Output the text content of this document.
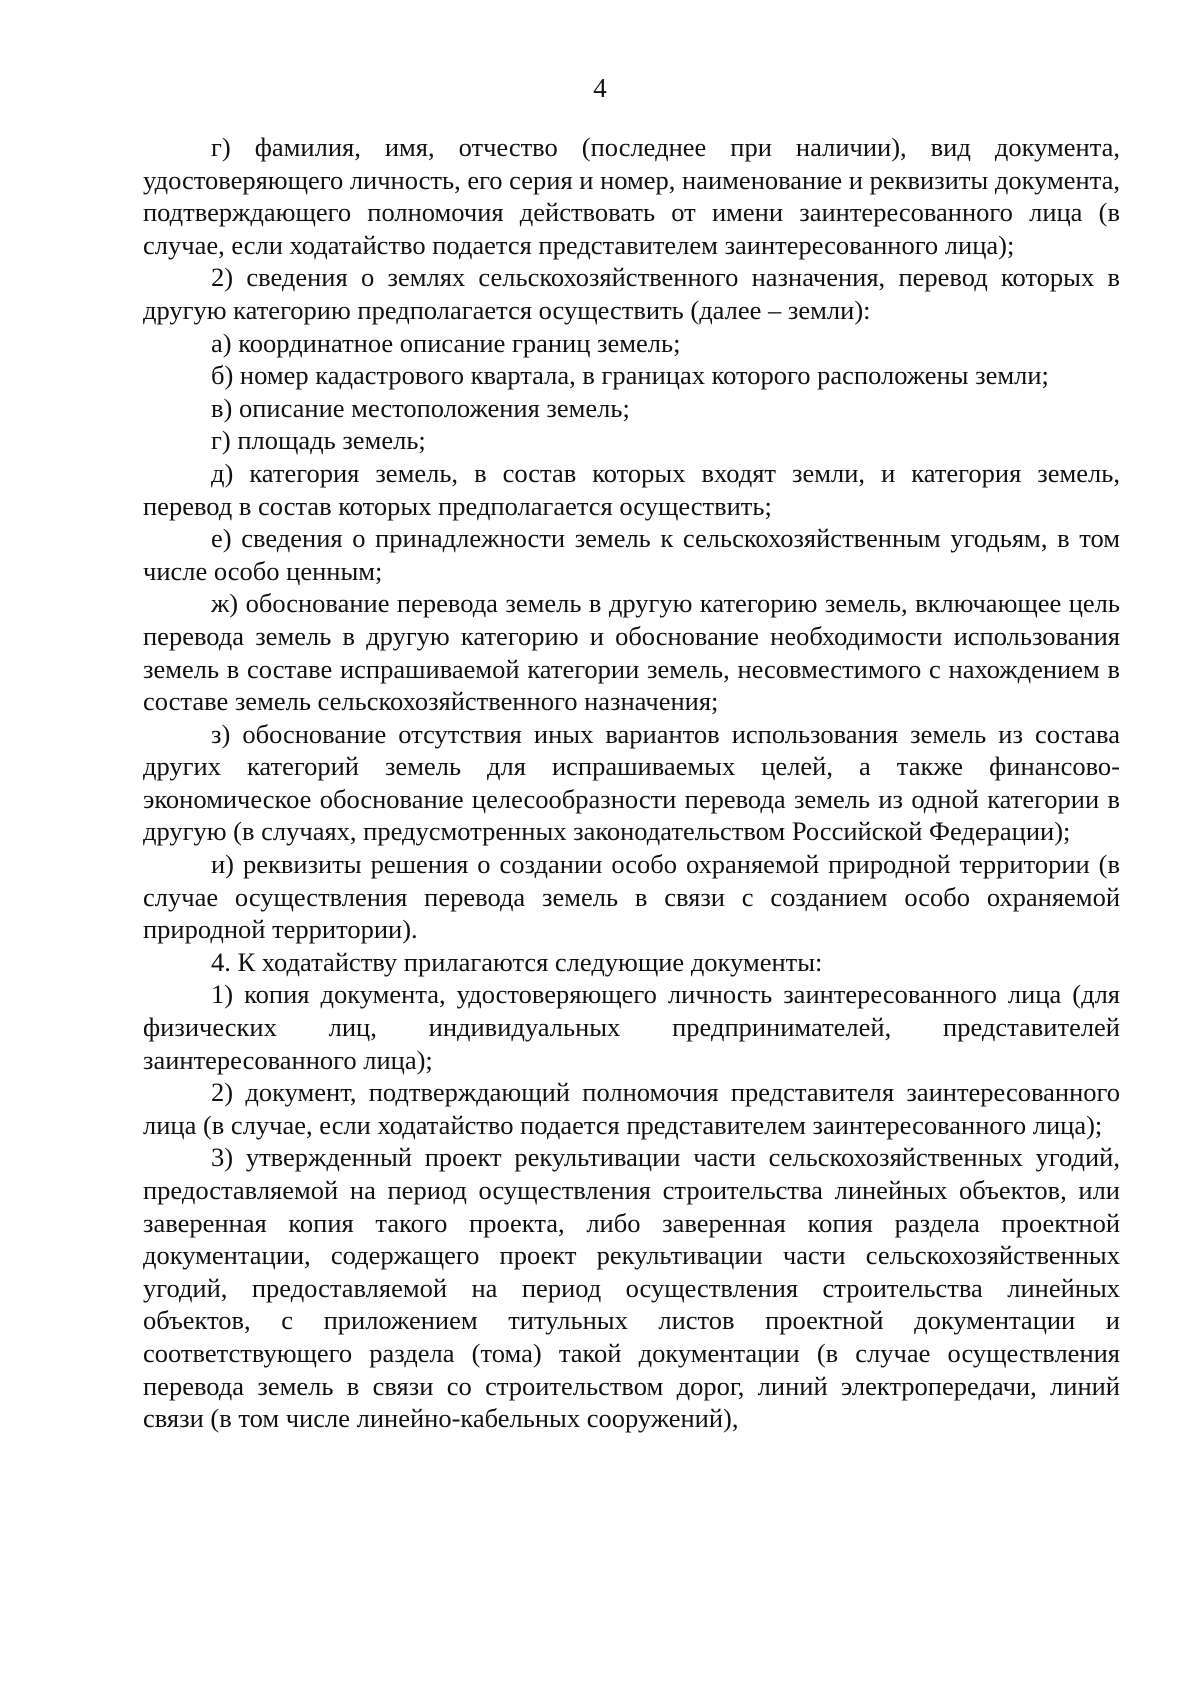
4

г) фамилия, имя, отчество (последнее при наличии), вид документа, удостоверяющего личность, его серия и номер, наименование и реквизиты документа, подтверждающего полномочия действовать от имени заинтересованного лица (в случае, если ходатайство подается представителем заинтересованного лица);

2) сведения о землях сельскохозяйственного назначения, перевод которых в другую категорию предполагается осуществить (далее – земли):

а) координатное описание границ земель;

б) номер кадастрового квартала, в границах которого расположены земли;

в) описание местоположения земель;

г) площадь земель;

д) категория земель, в состав которых входят земли, и категория земель, перевод в состав которых предполагается осуществить;

е) сведения о принадлежности земель к сельскохозяйственным угодьям, в том числе особо ценным;

ж) обоснование перевода земель в другую категорию земель, включающее цель перевода земель в другую категорию и обоснование необходимости использования земель в составе испрашиваемой категории земель, несовместимого с нахождением в составе земель сельскохозяйственного назначения;

з) обоснование отсутствия иных вариантов использования земель из состава других категорий земель для испрашиваемых целей, а также финансово-экономическое обоснование целесообразности перевода земель из одной категории в другую (в случаях, предусмотренных законодательством Российской Федерации);

и) реквизиты решения о создании особо охраняемой природной территории (в случае осуществления перевода земель в связи с созданием особо охраняемой природной территории).

4. К ходатайству прилагаются следующие документы:

1) копия документа, удостоверяющего личность заинтересованного лица (для физических лиц, индивидуальных предпринимателей, представителей заинтересованного лица);

2) документ, подтверждающий полномочия представителя заинтересованного лица (в случае, если ходатайство подается представителем заинтересованного лица);

3) утвержденный проект рекультивации части сельскохозяйственных угодий, предоставляемой на период осуществления строительства линейных объектов, или заверенная копия такого проекта, либо заверенная копия раздела проектной документации, содержащего проект рекультивации части сельскохозяйственных угодий, предоставляемой на период осуществления строительства линейных объектов, с приложением титульных листов проектной документации и соответствующего раздела (тома) такой документации (в случае осуществления перевода земель в связи со строительством дорог, линий электропередачи, линий связи (в том числе линейно-кабельных сооружений),
